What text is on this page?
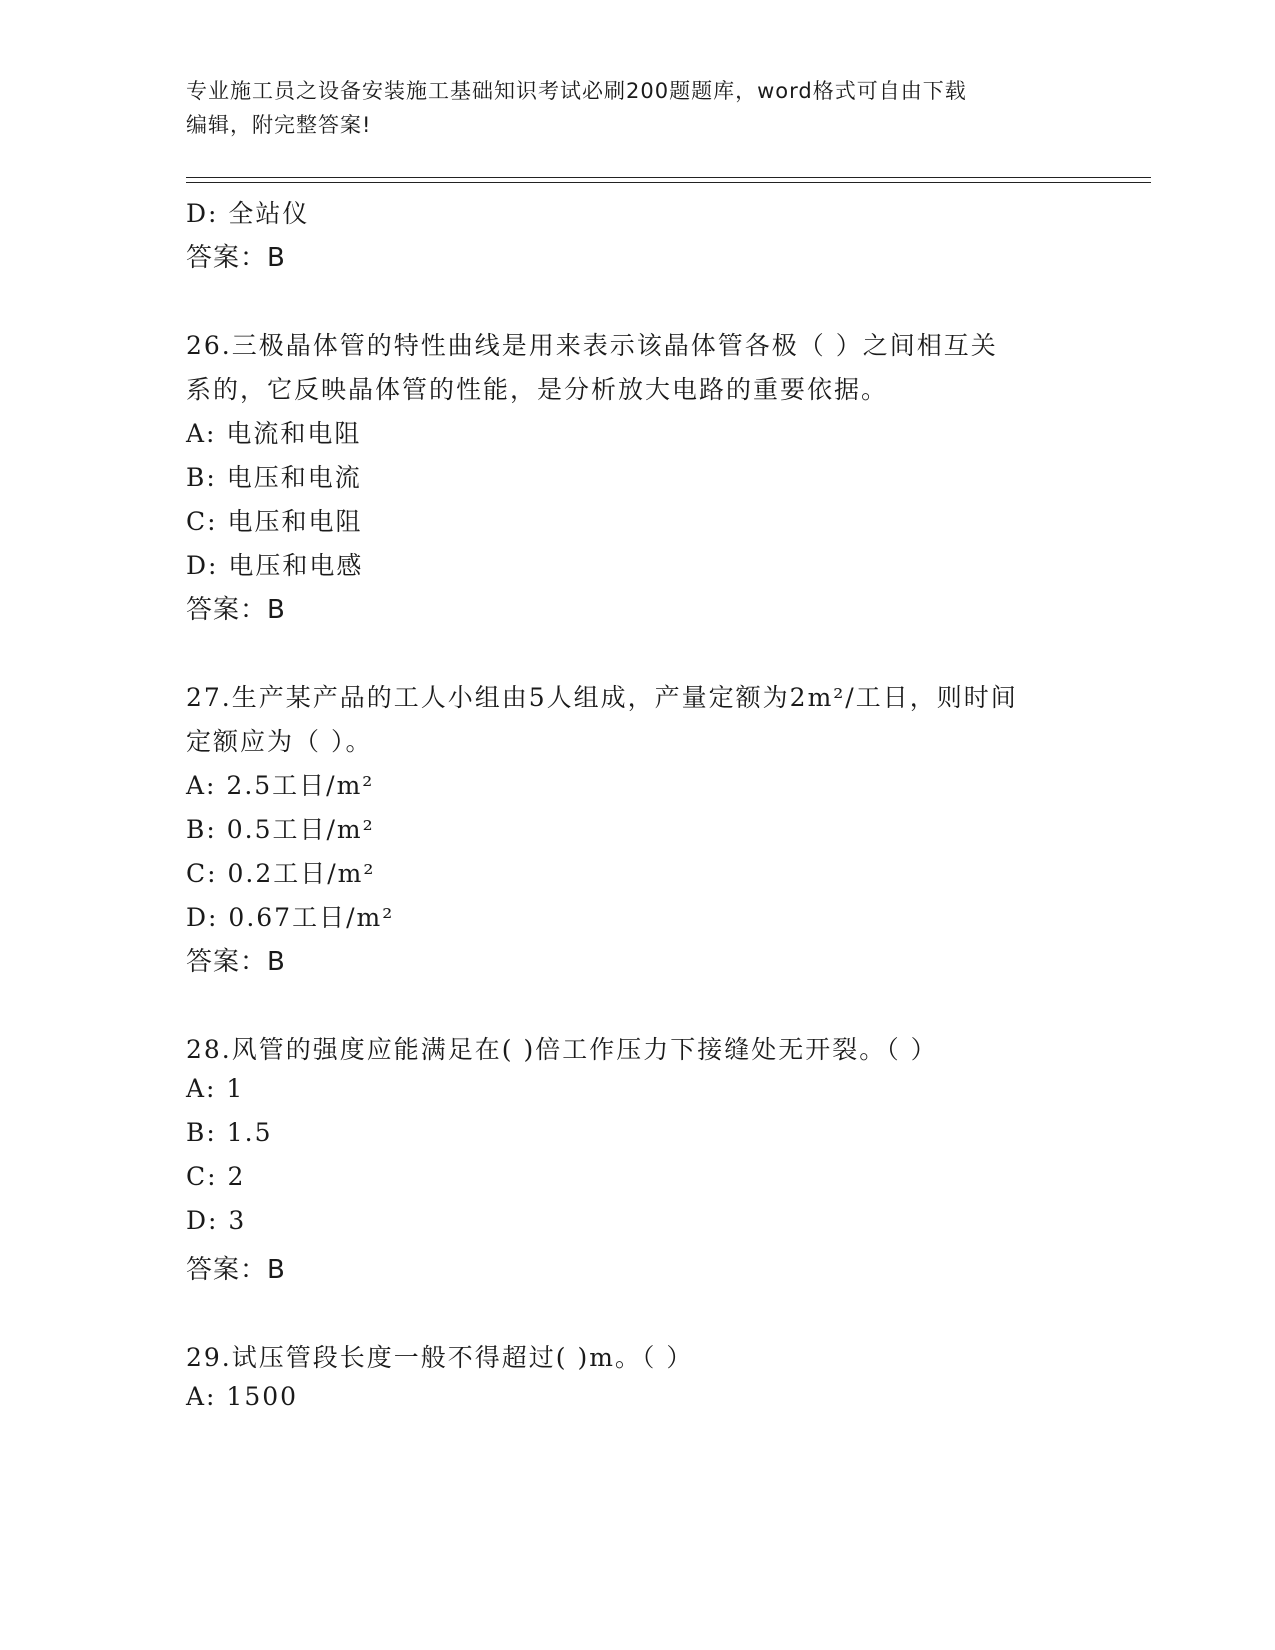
专业施工员之设备安装施工基础知识考试必刷200题题库，word格式可自由下载
编辑，附完整答案!
D: 全站仪
答案：B
26.三极晶体管的特性曲线是用来表示该晶体管各极（ ）之间相互关
系的，它反映晶体管的性能，是分析放大电路的重要依据。
A: 电流和电阻
B: 电压和电流
C: 电压和电阻
D: 电压和电感
答案：B
27.生产某产品的工人小组由5人组成，产量定额为2m²/工日，则时间
定额应为（ ）。
A: 2.5工日/m²
B: 0.5工日/m²
C: 0.2工日/m²
D: 0.67工日/m²
答案：B
28.风管的强度应能满足在( )倍工作压力下接缝处无开裂。（ ）
A: 1
B: 1.5
C: 2
D: 3
答案：B
29.试压管段长度一般不得超过( )m。（ ）
A: 1500
